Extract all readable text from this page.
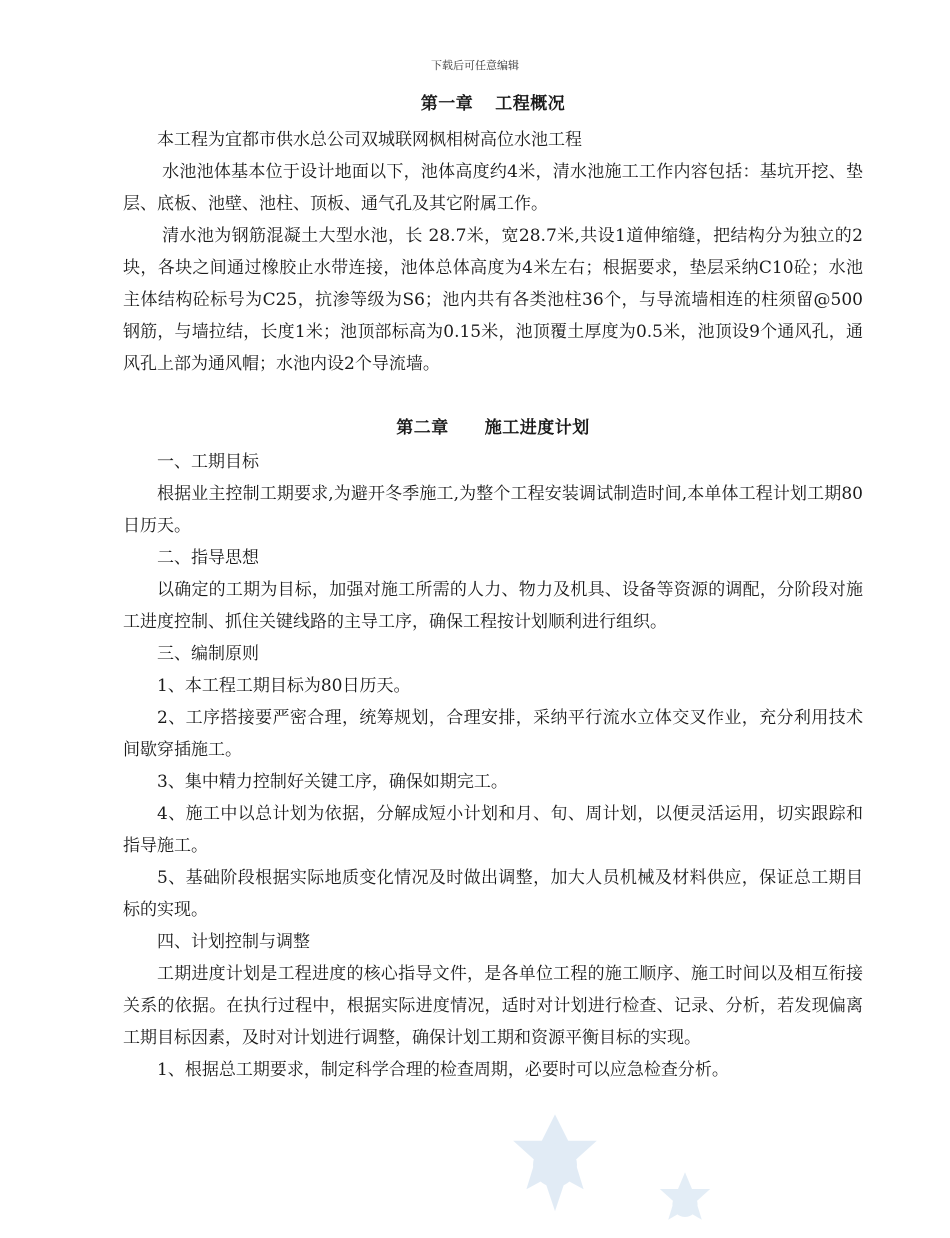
下载后可任意编辑
第一章 工程概况

本工程为宜都市供水总公司双城联网枫相树高位水池工程

水池池体基本位于设计地面以下，池体高度约4米，清水池施工工作内容包括：基坑开挖、垫层、底板、池壁、池柱、顶板、通气孔及其它附属工作。

清水池为钢筋混凝土大型水池，长 28.7米，宽28.7米,共设1道伸缩缝，把结构分为独立的2块，各块之间通过橡胶止水带连接，池体总体高度为4米左右；根据要求，垫层采纳C10砼；水池主体结构砼标号为C25，抗渗等级为S6；池内共有各类池柱36个，与导流墙相连的柱须留@500钢筋，与墙拉结，长度1米；池顶部标高为0.15米，池顶覆土厚度为0.5米，池顶设9个通风孔，通风孔上部为通风帽；水池内设2个导流墙。

第二章 施工进度计划

一、工期目标

根据业主控制工期要求,为避开冬季施工,为整个工程安装调试制造时间,本单体工程计划工期80日历天。

二、指导思想

以确定的工期为目标，加强对施工所需的人力、物力及机具、设备等资源的调配，分阶段对施工进度控制、抓住关键线路的主导工序，确保工程按计划顺利进行组织。

三、编制原则

1、本工程工期目标为80日历天。

2、工序搭接要严密合理，统筹规划，合理安排，采纳平行流水立体交叉作业，充分利用技术间歇穿插施工。

3、集中精力控制好关键工序，确保如期完工。

4、施工中以总计划为依据，分解成短小计划和月、旬、周计划，以便灵活运用，切实跟踪和指导施工。

5、基础阶段根据实际地质变化情况及时做出调整，加大人员机械及材料供应，保证总工期目标的实现。

四、计划控制与调整

工期进度计划是工程进度的核心指导文件，是各单位工程的施工顺序、施工时间以及相互衔接关系的依据。在执行过程中，根据实际进度情况，适时对计划进行检查、记录、分析，若发现偏离工期目标因素，及时对计划进行调整，确保计划工期和资源平衡目标的实现。

1、根据总工期要求，制定科学合理的检查周期，必要时可以应急检查分析。
